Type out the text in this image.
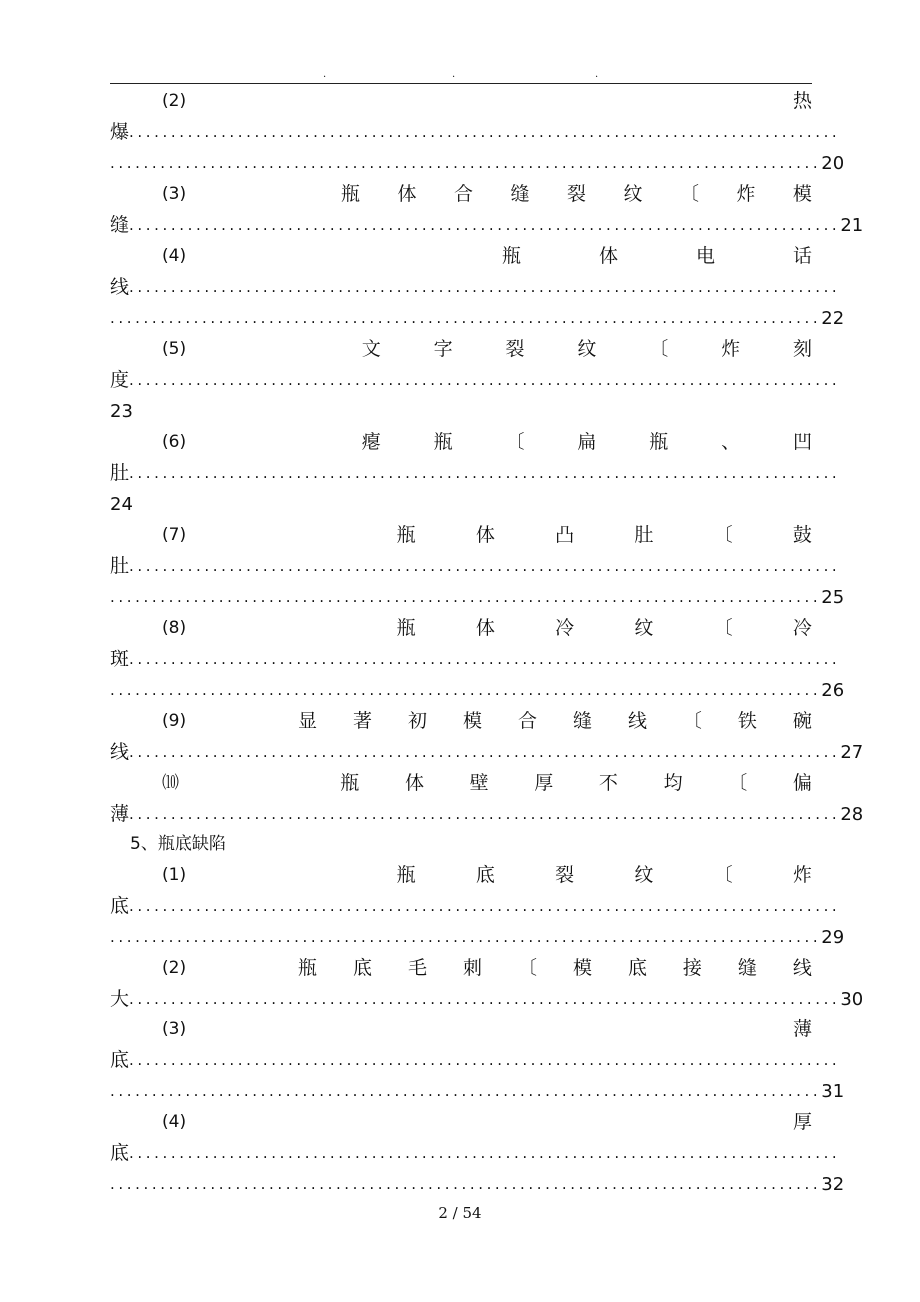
.	.	.
(2)	热
爆 .....................................................................................
..................................................................................... 20
(3)	瓶 体 合 缝 裂 纹 〔 炸 模
缝 ..................................................................................... 21
(4)	瓶	体	电	话
线 .....................................................................................
..................................................................................... 22
(5)	文	字	裂	纹	〔	炸	刻
度 .....................................................................................
23
(6)	瘪	瓶	〔	扁	瓶	、	凹
肚 .....................................................................................
24
(7)	瓶	体	凸	肚	〔	鼓
肚 .....................................................................................
..................................................................................... 25
(8)	瓶	体	冷	纹	〔	冷
斑 .....................................................................................
..................................................................................... 26
(9)	显 著 初 模 合 缝 线 〔 铁 碗
线 ..................................................................................... 27
⑽	瓶 体 壁 厚 不 均 〔 偏
薄 ..................................................................................... 28
5、瓶底缺陷
(1)	瓶	底	裂	纹	〔	炸
底 .....................................................................................
..................................................................................... 29
(2)	瓶 底 毛 刺 〔 模 底 接 缝 线
大 ..................................................................................... 30
(3)	薄
底 .....................................................................................
..................................................................................... 31
(4)	厚
底 .....................................................................................
..................................................................................... 32
2 / 54
